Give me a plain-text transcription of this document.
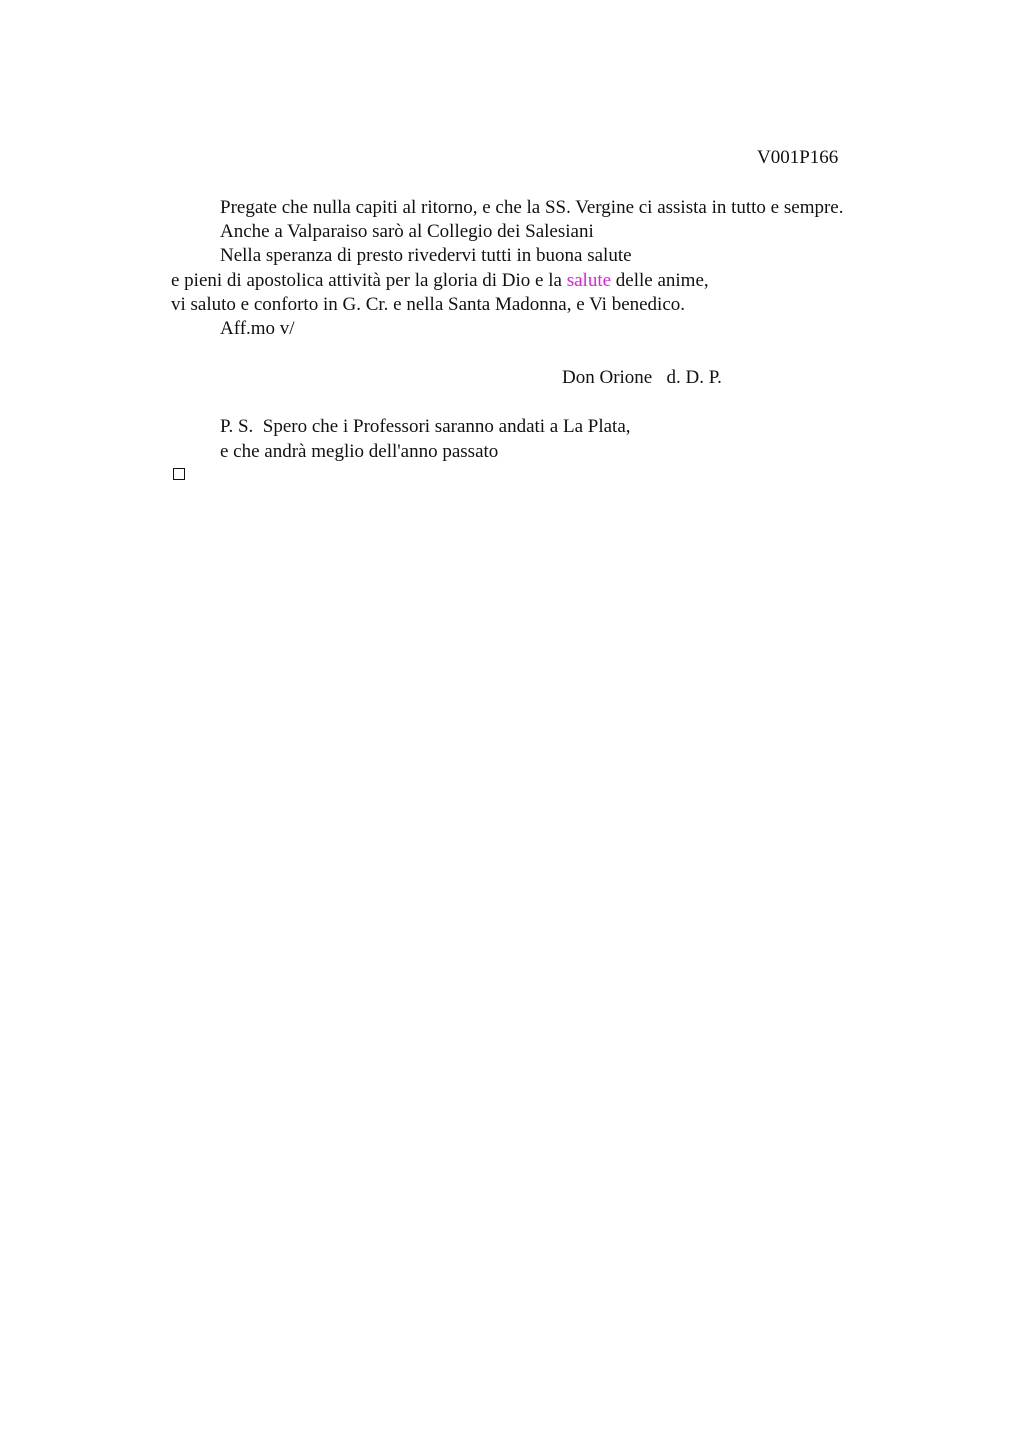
V001P166
Pregate che nulla capiti al ritorno, e che la SS. Vergine ci assista in tutto e sempre.
Anche a Valparaiso sarò al Collegio dei Salesiani
Nella speranza di presto rivedervi tutti in buona salute
e pieni di apostolica attività per la gloria di Dio e la salute delle anime,
vi saluto e conforto in G. Cr. e nella Santa Madonna, e Vi benedico.
Aff.mo v/
Don Orione   d. D. P.
P. S.  Spero che i Professori saranno andati a La Plata,
e che andrà meglio dell'anno passato
